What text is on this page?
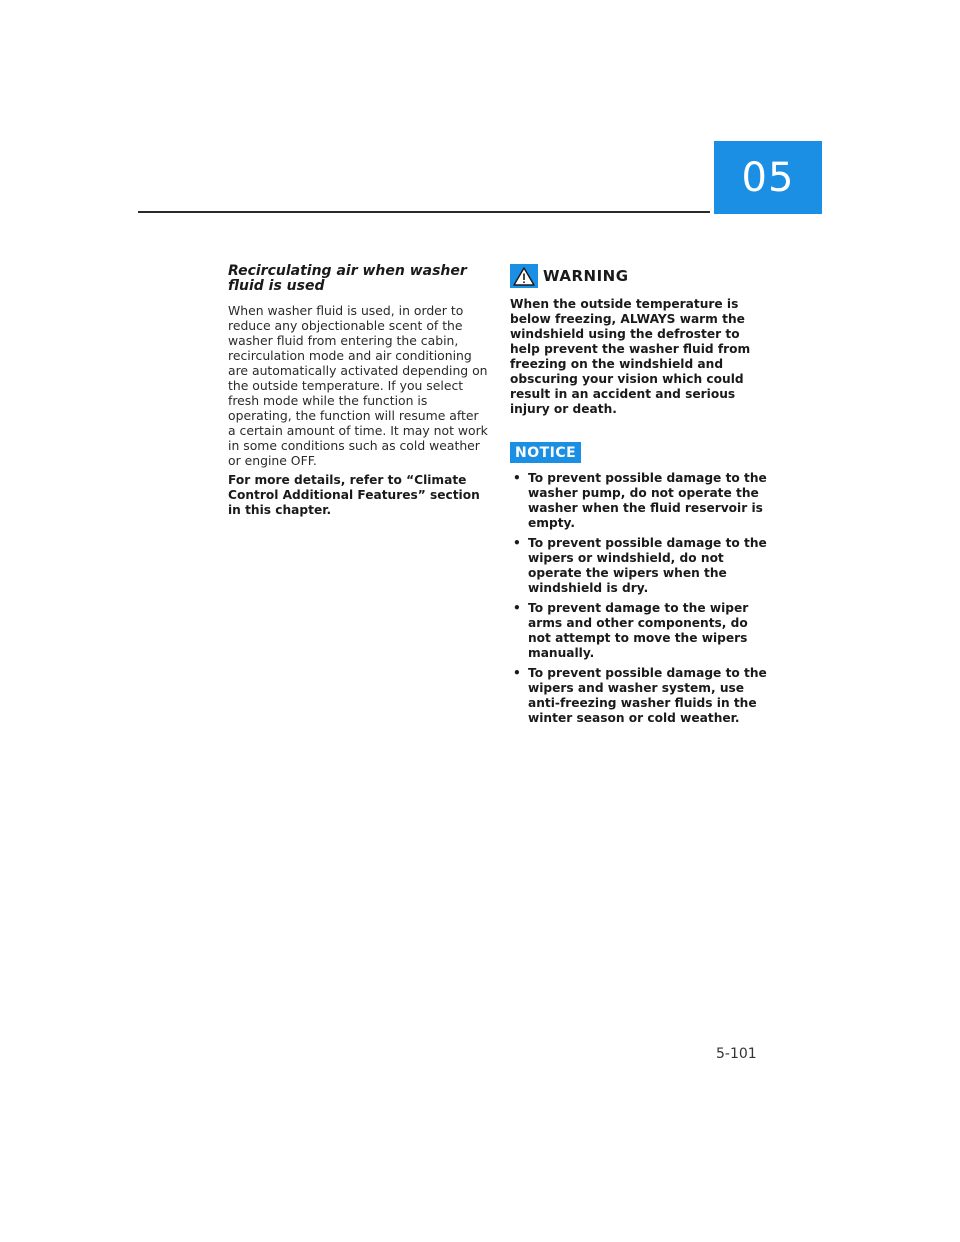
05

Recirculating air when washer fluid is used

When washer fluid is used, in order to reduce any objectionable scent of the washer fluid from entering the cabin, recirculation mode and air conditioning are automatically activated depending on the outside temperature. If you select fresh mode while the function is operating, the function will resume after a certain amount of time. It may not work in some conditions such as cold weather or engine OFF.

For more details, refer to “Climate Control Additional Features” section in this chapter.

WARNING

When the outside temperature is below freezing, ALWAYS warm the windshield using the defroster to help prevent the washer fluid from freezing on the windshield and obscuring your vision which could result in an accident and serious injury or death.

NOTICE
• To prevent possible damage to the washer pump, do not operate the washer when the fluid reservoir is empty.
• To prevent possible damage to the wipers or windshield, do not operate the wipers when the windshield is dry.
• To prevent damage to the wiper arms and other components, do not attempt to move the wipers manually.
• To prevent possible damage to the wipers and washer system, use anti-freezing washer fluids in the winter season or cold weather.
5-101
